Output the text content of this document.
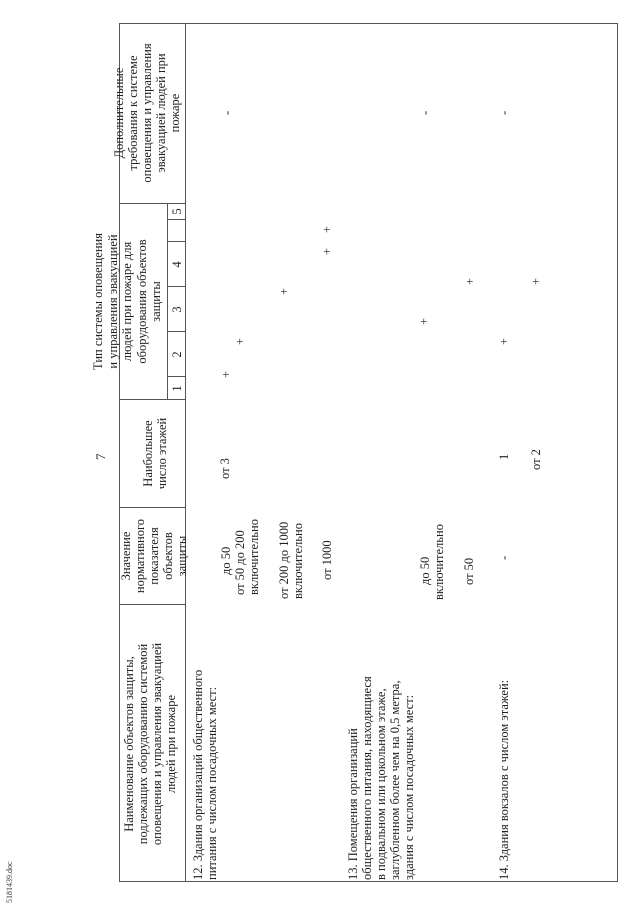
7
5181439.doc
Наименование объектов защиты, подлежащих оборудованию системой оповещения и управления эвакуацией людей при пожаре
Значение нормативного показателя объектов защиты
Наибольшее число этажей
Тип системы оповещения и управления эвакуацией людей при пожаре для оборудования объектов защиты
1
2
3
4
5
Дополнительные требования к системе оповещения и управления эвакуацией людей при пожаре
12. Здания организаций общественного питания с числом посадочных мест:
до 50 от 50 до 200 включительно от 200 до 1000 включительно от 1000
от 3
+
+
+
+
+
-
13. Помещения организаций общественного питания, находящиеся в подвальном или цокольном этаже, заглубленном более чем на 0,5 метра, здания с числом посадочных мест:
до 50 включительно от 50
+
+
-
14. Здания вокзалов с числом этажей:
-
1 от 2
+
+
-
